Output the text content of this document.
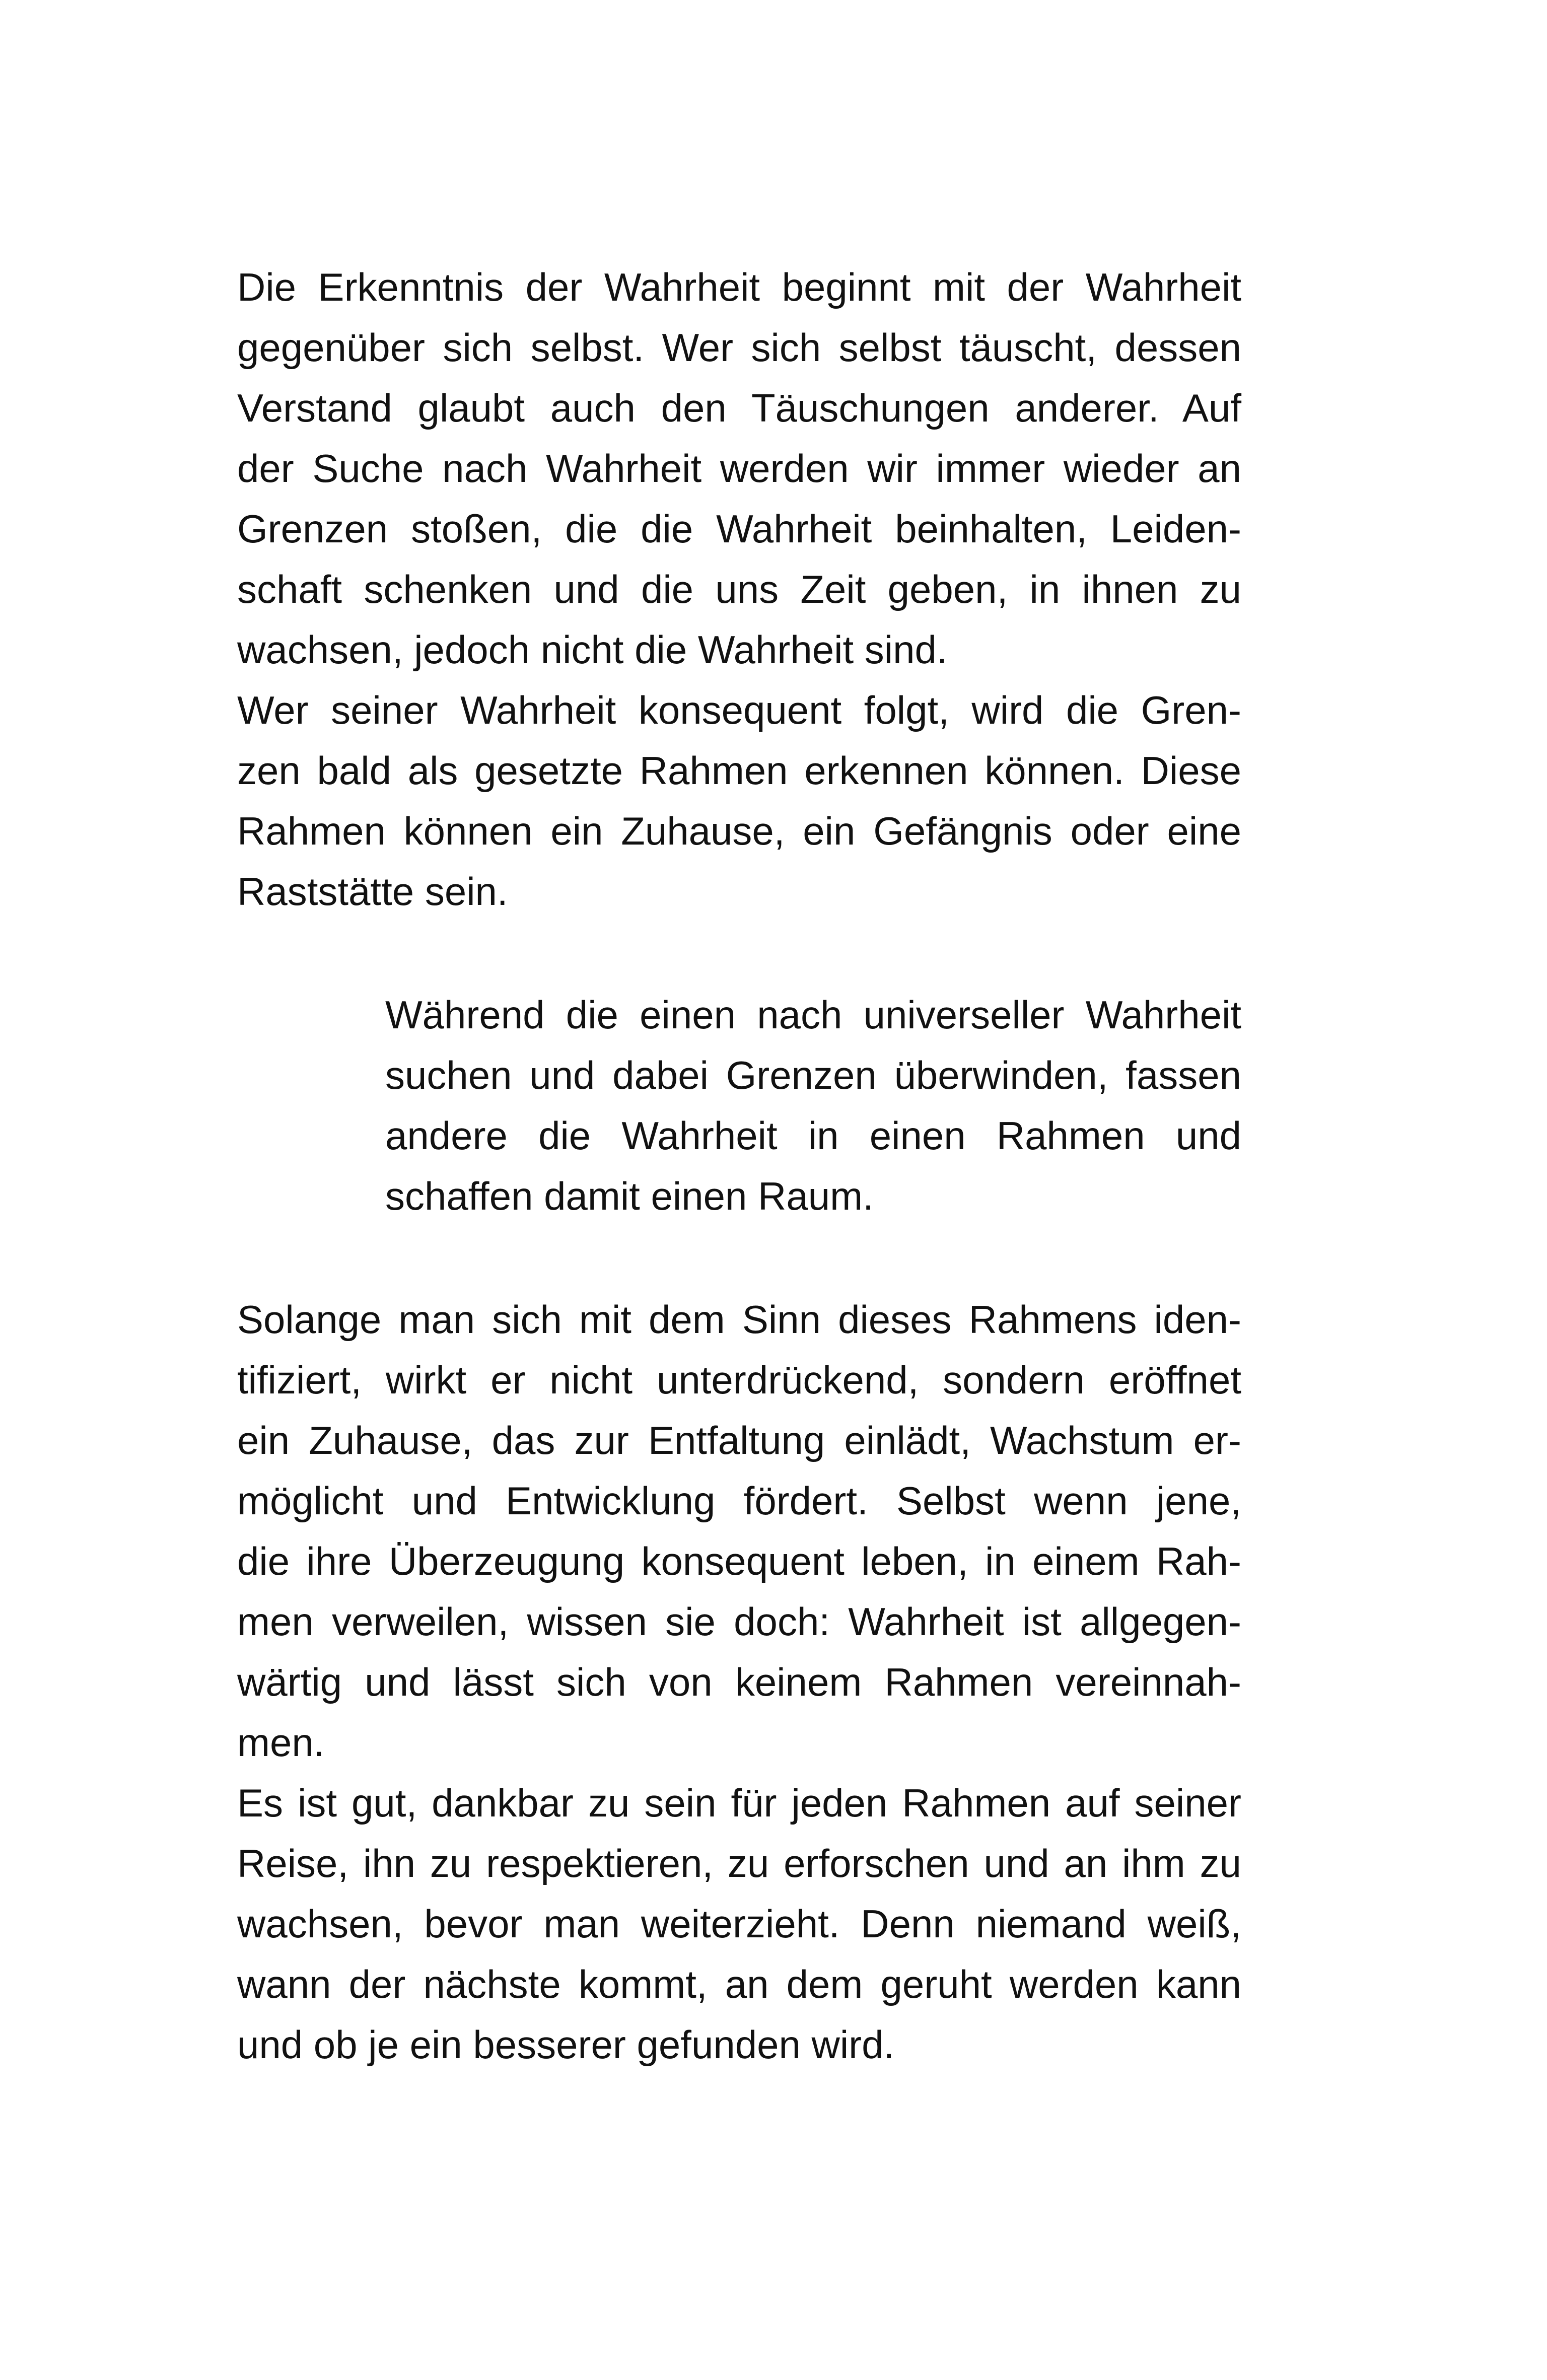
Die Erkenntnis der Wahrheit beginnt mit der Wahrheit
gegenüber sich selbst. Wer sich selbst täuscht, dessen
Verstand glaubt auch den Täuschungen anderer. Auf
der Suche nach Wahrheit werden wir immer wieder an
Grenzen stoßen, die die Wahrheit beinhalten, Leiden-
schaft schenken und die uns Zeit geben, in ihnen zu
wachsen, jedoch nicht die Wahrheit sind.
Wer seiner Wahrheit konsequent folgt, wird die Gren-
zen bald als gesetzte Rahmen erkennen können. Diese
Rahmen können ein Zuhause, ein Gefängnis oder eine
Raststätte sein.
Während die einen nach universeller Wahrheit
suchen und dabei Grenzen überwinden, fassen
andere die Wahrheit in einen Rahmen und
schaffen damit einen Raum.
Solange man sich mit dem Sinn dieses Rahmens iden-
tifiziert, wirkt er nicht unterdrückend, sondern eröffnet
ein Zuhause, das zur Entfaltung einlädt, Wachstum er-
möglicht und Entwicklung fördert. Selbst wenn jene,
die ihre Überzeugung konsequent leben, in einem Rah-
men verweilen, wissen sie doch: Wahrheit ist allgegen-
wärtig und lässt sich von keinem Rahmen vereinnah-
men.
Es ist gut, dankbar zu sein für jeden Rahmen auf seiner
Reise, ihn zu respektieren, zu erforschen und an ihm zu
wachsen, bevor man weiterzieht. Denn niemand weiß,
wann der nächste kommt, an dem geruht werden kann
und ob je ein besserer gefunden wird.
